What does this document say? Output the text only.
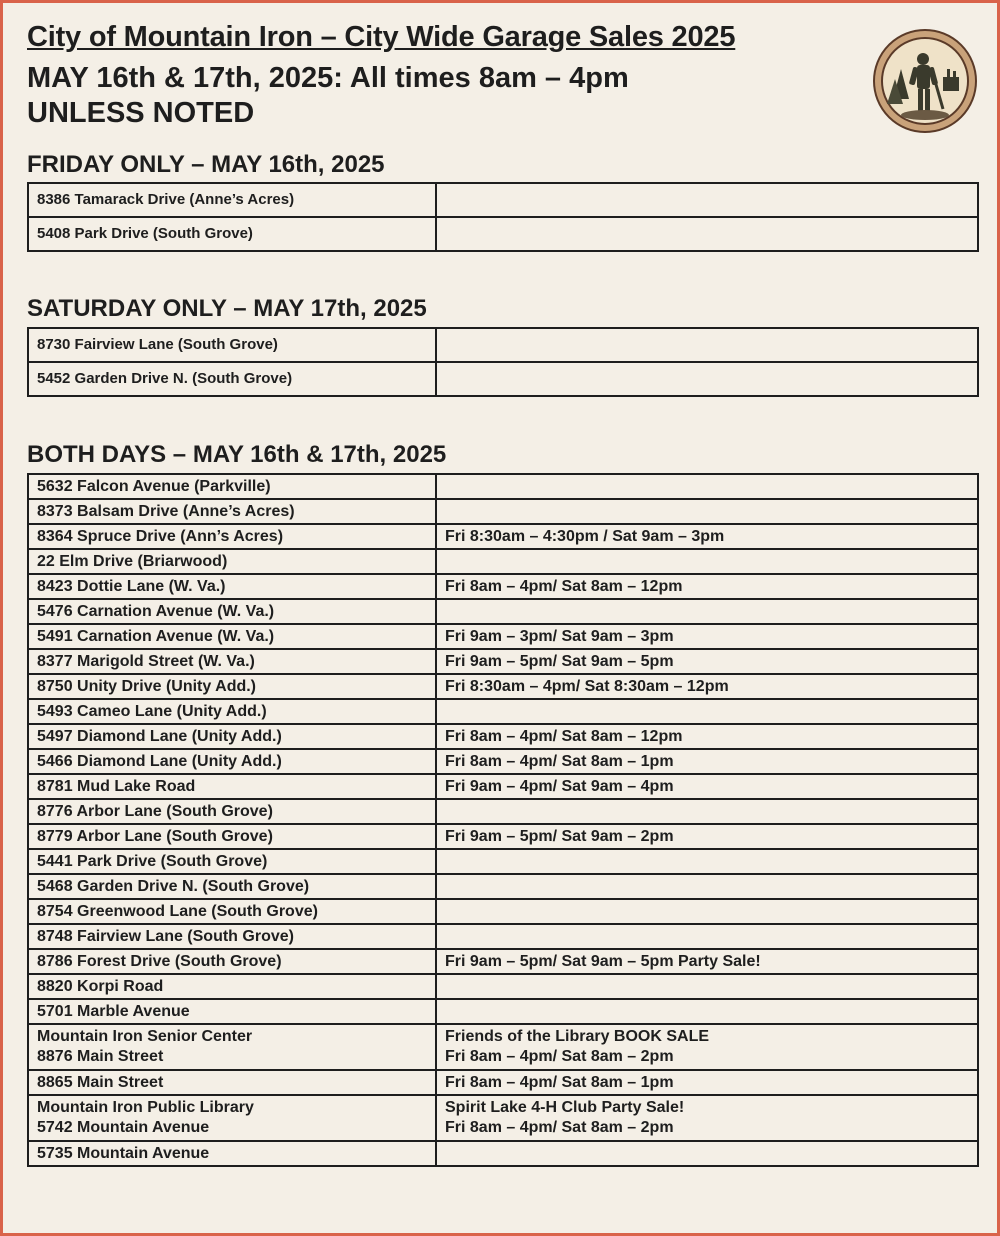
City of Mountain Iron – City Wide Garage Sales 2025
MAY 16th & 17th, 2025: All times 8am – 4pm
UNLESS NOTED
FRIDAY ONLY – MAY 16th, 2025
8386 Tamarack Drive (Anne’s Acres)	

5408 Park Drive (South Grove)	

SATURDAY ONLY – MAY 17th, 2025
8730 Fairview Lane (South Grove)	

5452 Garden Drive N. (South Grove)	

BOTH DAYS – MAY 16th & 17th, 2025
5632 Falcon Avenue (Parkville)	

8373 Balsam Drive (Anne’s Acres)	

8364 Spruce Drive (Ann’s Acres)	Fri 8:30am – 4:30pm / Sat 9am – 3pm

22 Elm Drive (Briarwood)	

8423 Dottie Lane (W. Va.)	Fri 8am – 4pm/ Sat 8am – 12pm

5476 Carnation Avenue (W. Va.)	

5491 Carnation Avenue (W. Va.)	Fri 9am – 3pm/ Sat 9am – 3pm

8377 Marigold Street (W. Va.)	Fri 9am – 5pm/ Sat 9am – 5pm

8750 Unity Drive (Unity Add.)	Fri 8:30am – 4pm/ Sat 8:30am – 12pm

5493 Cameo Lane (Unity Add.)	

5497 Diamond Lane (Unity Add.)	Fri 8am – 4pm/ Sat 8am – 12pm

5466 Diamond Lane (Unity Add.)	Fri 8am – 4pm/ Sat 8am – 1pm

8781 Mud Lake Road	Fri 9am – 4pm/ Sat 9am – 4pm

8776 Arbor Lane (South Grove)	

8779 Arbor Lane (South Grove)	Fri 9am – 5pm/ Sat 9am – 2pm

5441 Park Drive (South Grove)	

5468 Garden Drive N. (South Grove)	

8754 Greenwood Lane (South Grove)	

8748 Fairview Lane (South Grove)	

8786 Forest Drive (South Grove)	Fri 9am – 5pm/ Sat 9am – 5pm Party Sale!

8820 Korpi Road	

5701 Marble Avenue	

Mountain Iron Senior Center
8876 Main Street	Friends of the Library BOOK SALE
Fri 8am – 4pm/ Sat 8am – 2pm

8865 Main Street	Fri 8am – 4pm/ Sat 8am – 1pm

Mountain Iron Public Library
5742 Mountain Avenue	Spirit Lake 4-H Club Party Sale!
Fri 8am – 4pm/ Sat 8am – 2pm

5735 Mountain Avenue	
